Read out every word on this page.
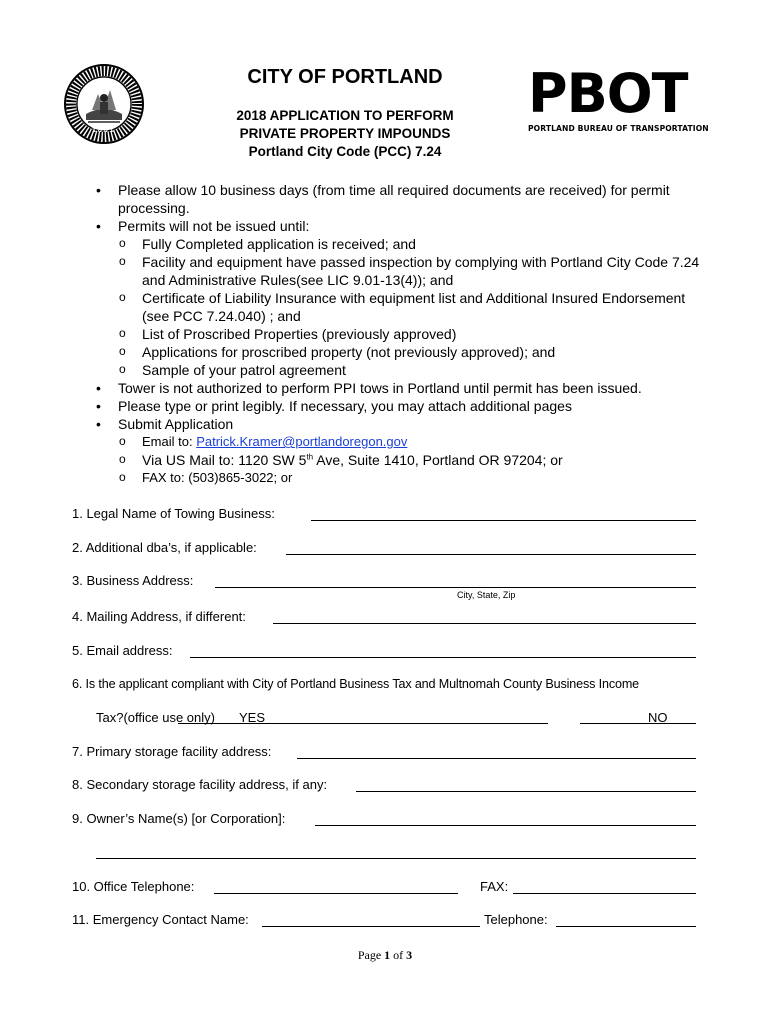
1851
CITY OF PORTLAND
2018 APPLICATION TO PERFORM
PRIVATE PROPERTY IMPOUNDS
Portland City Code (PCC) 7.24
PBOT
PORTLAND BUREAU OF TRANSPORTATION
• Please allow 10 business days (from time all required documents are received) for permit processing.
• Permits will not be issued until:
o Fully Completed application is received; and
o Facility and equipment have passed inspection by complying with Portland City Code 7.24 and Administrative Rules(see LIC 9.01-13(4)); and
o Certificate of Liability Insurance with equipment list and Additional Insured Endorsement (see PCC 7.24.040) ; and
o List of Proscribed Properties (previously approved)
o Applications for proscribed property (not previously approved); and
o Sample of your patrol agreement
• Tower is not authorized to perform PPI tows in Portland until permit has been issued.
• Please type or print legibly. If necessary, you may attach additional pages
• Submit Application
o Email to: Patrick.Kramer@portlandoregon.gov
o Via US Mail to: 1120 SW 5th Ave, Suite 1410, Portland OR 97204; or
o FAX to: (503)865-3022; or
1. Legal Name of Towing Business:
2. Additional dba’s, if applicable:
3. Business Address:
City, State, Zip
4. Mailing Address, if different:
5. Email address:
6. Is the applicant compliant with City of Portland Business Tax and Multnomah County Business Income
Tax?(office use only) YES	NO
7. Primary storage facility address:
8. Secondary storage facility address, if any:
9. Owner’s Name(s) [or Corporation]:
10. Office Telephone:	FAX:
11. Emergency Contact Name:	Telephone:
Page 1 of 3
